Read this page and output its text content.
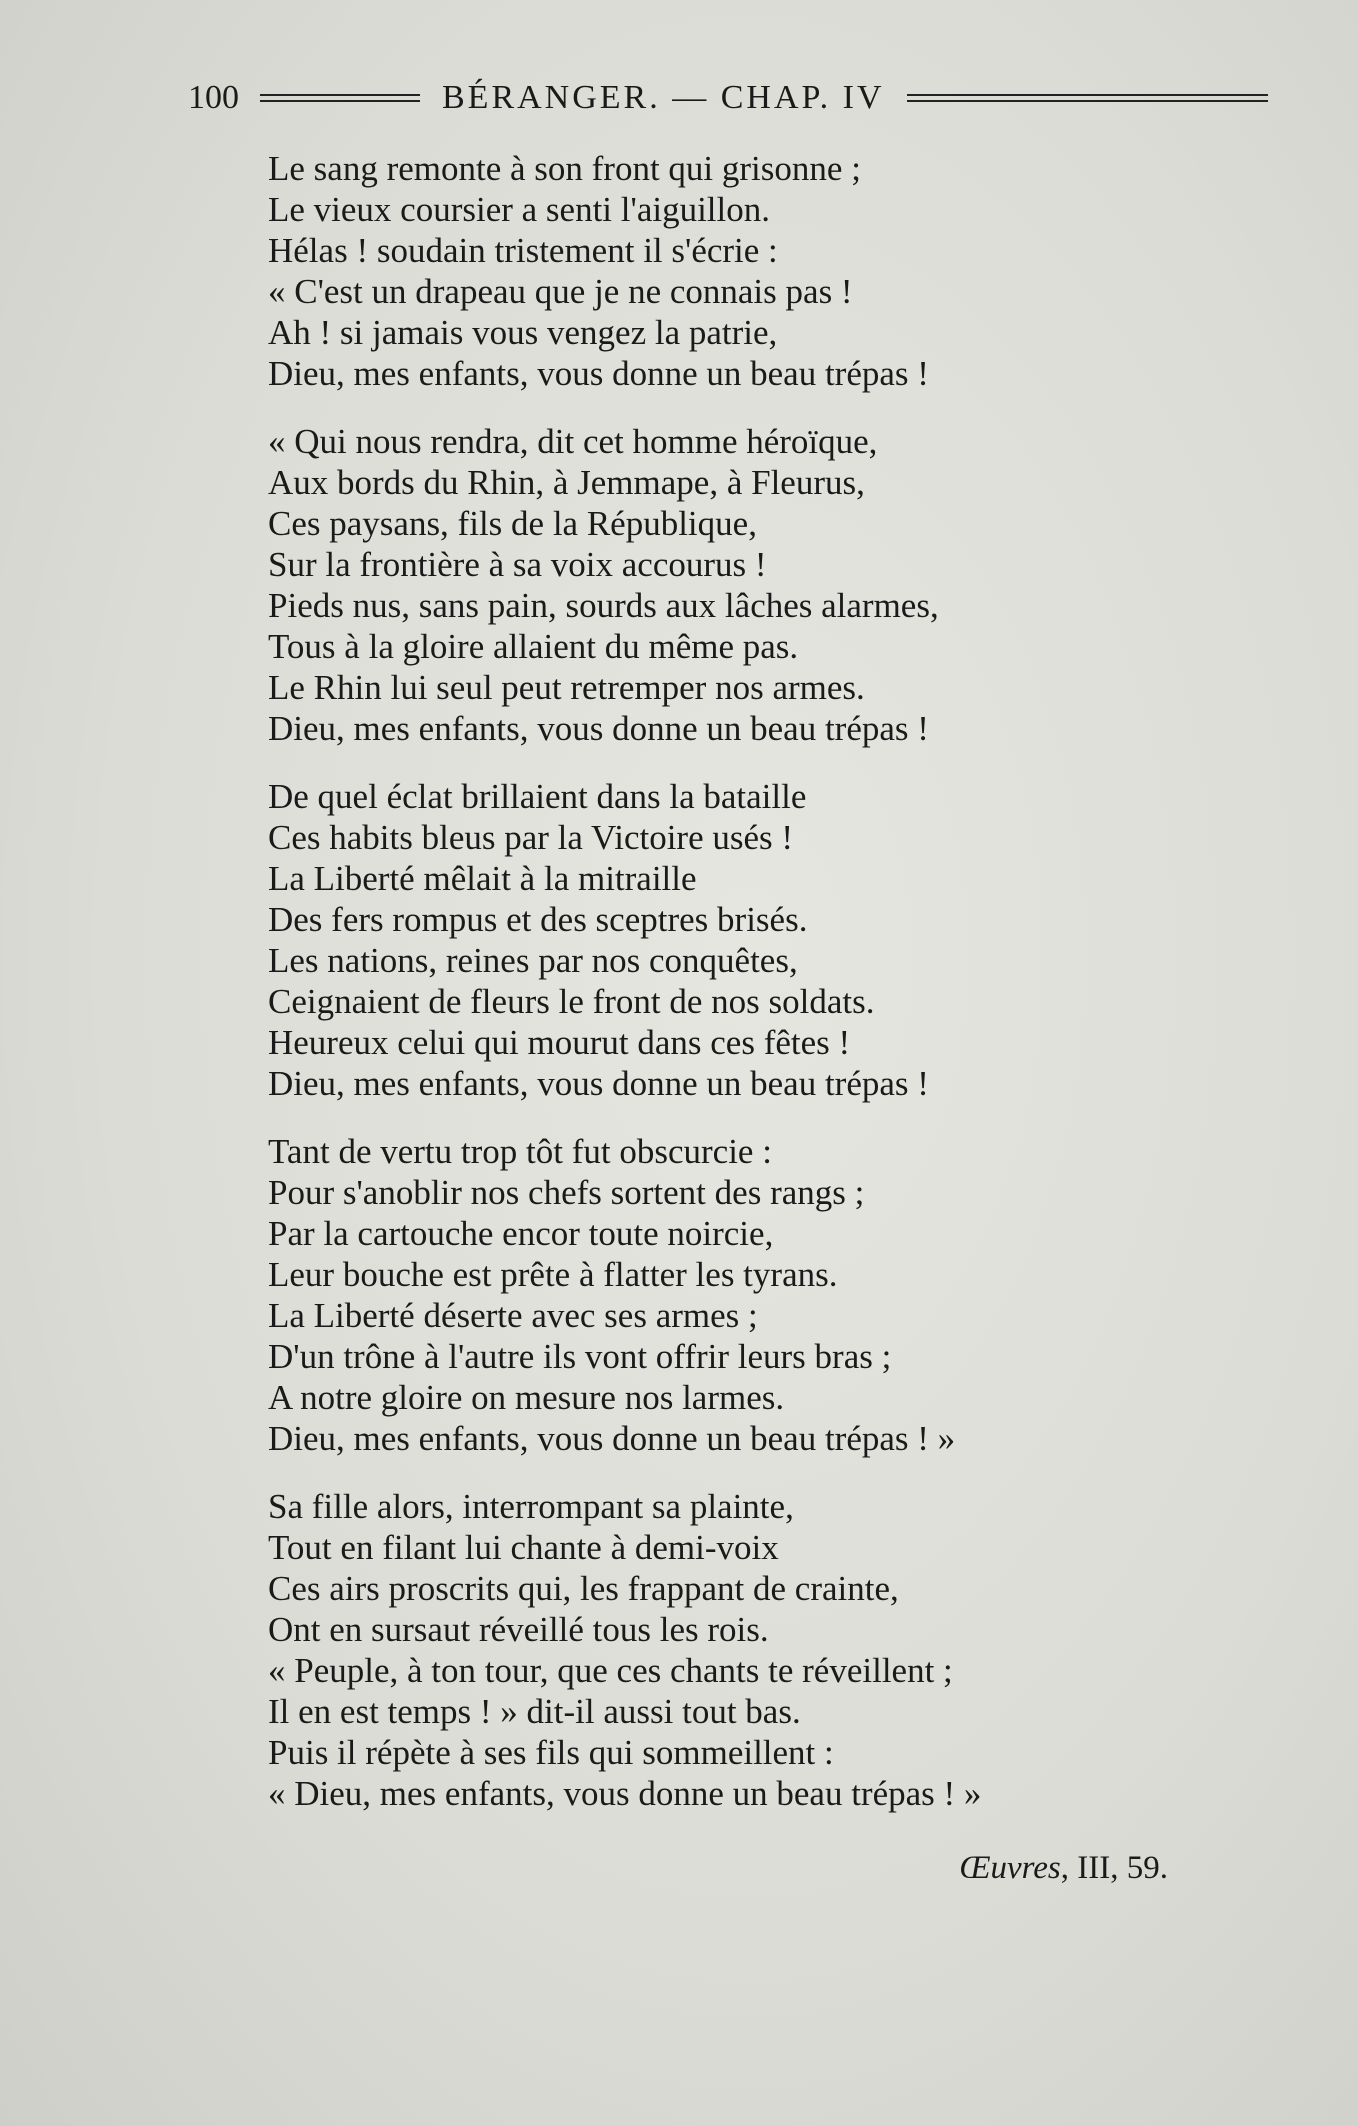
100	BÉRANGER. — CHAP. IV
Le sang remonte à son front qui grisonne ;
Le vieux coursier a senti l'aiguillon.
Hélas ! soudain tristement il s'écrie :
« C'est un drapeau que je ne connais pas !
Ah ! si jamais vous vengez la patrie,
Dieu, mes enfants, vous donne un beau trépas !
« Qui nous rendra, dit cet homme héroïque,
Aux bords du Rhin, à Jemmape, à Fleurus,
Ces paysans, fils de la République,
Sur la frontière à sa voix accourus !
Pieds nus, sans pain, sourds aux lâches alarmes,
Tous à la gloire allaient du même pas.
Le Rhin lui seul peut retremper nos armes.
Dieu, mes enfants, vous donne un beau trépas !
De quel éclat brillaient dans la bataille
Ces habits bleus par la Victoire usés !
La Liberté mêlait à la mitraille
Des fers rompus et des sceptres brisés.
Les nations, reines par nos conquêtes,
Ceignaient de fleurs le front de nos soldats.
Heureux celui qui mourut dans ces fêtes !
Dieu, mes enfants, vous donne un beau trépas !
Tant de vertu trop tôt fut obscurcie :
Pour s'anoblir nos chefs sortent des rangs ;
Par la cartouche encor toute noircie,
Leur bouche est prête à flatter les tyrans.
La Liberté déserte avec ses armes ;
D'un trône à l'autre ils vont offrir leurs bras ;
A notre gloire on mesure nos larmes.
Dieu, mes enfants, vous donne un beau trépas ! »
Sa fille alors, interrompant sa plainte,
Tout en filant lui chante à demi-voix
Ces airs proscrits qui, les frappant de crainte,
Ont en sursaut réveillé tous les rois.
« Peuple, à ton tour, que ces chants te réveillent ;
Il en est temps ! » dit-il aussi tout bas.
Puis il répète à ses fils qui sommeillent :
« Dieu, mes enfants, vous donne un beau trépas ! »
Œuvres, III, 59.
